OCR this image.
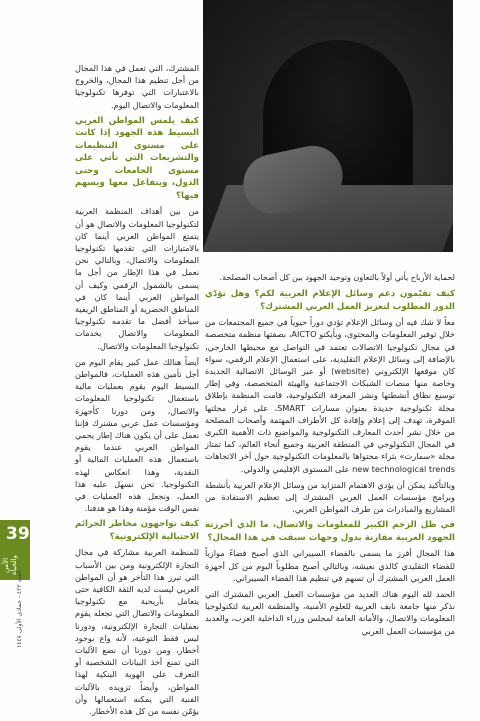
المشترك، التي تعمل في هذا المجال من أجل تنظيم هذا المجال، والخروج بالاعتبارات التي توفرها تكنولوجيا المعلومات والاتصال اليوم.

كيف يلمس المواطن العربي البسيط هذه الجهود إذا كانت على مستوى التنظيمات والتشريعات التي تأتي على مستوى الجامعات وحتى الدول، ويتفاعل معها ويسهم فيها؟

من بين أهداف المنظمة العربية لتكنولوجيا المعلومات والاتصال هو أن يتمتع المواطن العربي أينما كان بالامتيازات التي تقدمها تكنولوجيا المعلومات والاتصال، وبالتالي نحن نعمل في هذا الإطار من أجل ما يسمى بالشمول الرقمي وكيف أن المواطن العربي أينما كان في المناطق الحضرية أو المناطق الريفية سيأخذ أفضل ما تقدمه تكنولوجيا المعلومات والاتصال بخدمات تكنولوجيا المعلومات والاتصال.

أيضاً هنالك عمل كبير يقام اليوم من أجل تأمين هذه العمليات، فالمواطن البسيط اليوم يقوم بعمليات مالية باستعمال تكنولوجيا المعلومات والاتصال، ومن دورنا كأجهزة ومؤسسات عمل عربي مشترك فإننا نعمل على أن يكون هناك إطار يحمي المواطن العربي عندما يقوم باستعمال هذه العمليات المالية أو النقدية، وهذا انعكاس لهذه التكنولوجيا. نحن نسهل عليه هذا العمل، ونجعل هذه العمليات في نفس الوقت مؤمنة وهذا هو هدفنا.

كيف تواجهون مخاطر الجرائم الاحتيالية الإلكترونية؟

للمنظمة العربية مشاركة في مجال التجارة الإلكترونية ومن بين الأسباب التي تبرز هذا التأخر هو أن المواطن العربي ليست لديه الثقة الكافية حتى يتعامل بأريحية مع تكنولوجيا المعلومات والاتصال التي تجعله يقوم بعمليات التجارة الإلكترونية، ودورنا ليس فقط التوعية، لأنه واع بوجود أخطار، ومن دورنا أن نضع الآليات التي تمنع أخذ البيانات الشخصية أو التعرف على الهوية البنكية لهذا المواطن، وأيضاً تزويده بالآليات الفنية التي يمكنه استعمالها وأن يؤمّن نفسه من كل هذه الأخطار.

لحماية الأرباح يأتي أولاً بالتعاون وتوحيد الجهود بين كل أصحاب المصلحة.

كيف تقيّمون دعم وسائل الإعلام العربية لكم؟ وهل تؤدّي الدور المطلوب لتعزيز العمل العربي المشترك؟

معاً لا شك فيه أن وسائل الإعلام تؤدي دوراً حيوياً في جميع المجتمعات من خلال توفير المعلومات والمحتوى، وبأيكتو AICTO، بصفتها منظمة متخصصة في مجال تكنولوجيا الاتصالات تعتمد في التواصل مع محيطها الخارجي، بالإضافة إلى وسائل الإعلام التقليدية، على استعمال الإعلام الرقمي، سواء كان موقعها الإلكتروني (website) أو عبر الوسائل الاتصالية الجديدة وخاصة منها منصات الشبكات الاجتماعية والهيئة المتخصصة، وفي إطار توسيع نطاق أنشطتها ونشر المعرفة التكنولوجية، قامت المنظمة بإطلاق مجلة تكنولوجية جديدة بعنوان مسارات SMART، على غرار مجلتها الموقرة، تهدف إلى إعلام وإفادة كل الأطراف المهتمة وأصحاب المصلحة من خلال نشر أحدث المعارف التكنولوجية والمواضيع ذات الأهمية الكبرى في المجال التكنولوجي في المنطقة العربية وجميع أنحاء العالم، كما تمتاز مجلة «سمارت» بثراء محتواها بالمعلومات التكنولوجية حول آخر الاتجاهات new technological trends على المستوى الإقليمي والدولي.

وبالتأكيد يمكن أن يؤدي الاهتمام المتزايد من وسائل الإعلام العربية بأنشطة وبرامج مؤسسات العمل العربي المشترك إلى تعظيم الاستفادة من المشاريع والمبادرات من طرف المواطن العربي.

في ظل الزخم الكبير للمعلومات والاتصال، ما الذي أحرزته الجهود العربية مقارنة بدول وجهات سبقت في هذا المجال؟

هذا المجال أفرز ما يسمى بالفضاء السيبراني الذي أصبح فضاءً موازياً للفضاء التقليدي كالذي نعيشه، وبالتالي أصبح مطلوباً اليوم من كل أجهزة العمل العربي المشترك أن تسهم في تنظيم هذا الفضاء السيبراني.

الحمد لله اليوم هناك العديد من مؤسسات العمل العربي المشترك التي نذكر منها جامعة نايف العربية للعلوم الأمنية، والمنظمة العربية لتكنولوجيا المعلومات والاتصال، والأمانة العامة لمجلس وزراء الداخلية العرب، والعديد من مؤسسات العمل العربي

39
الأمن والحياة
العدد ٤٢٢ - جمادى الأولى ١٤٤٧
